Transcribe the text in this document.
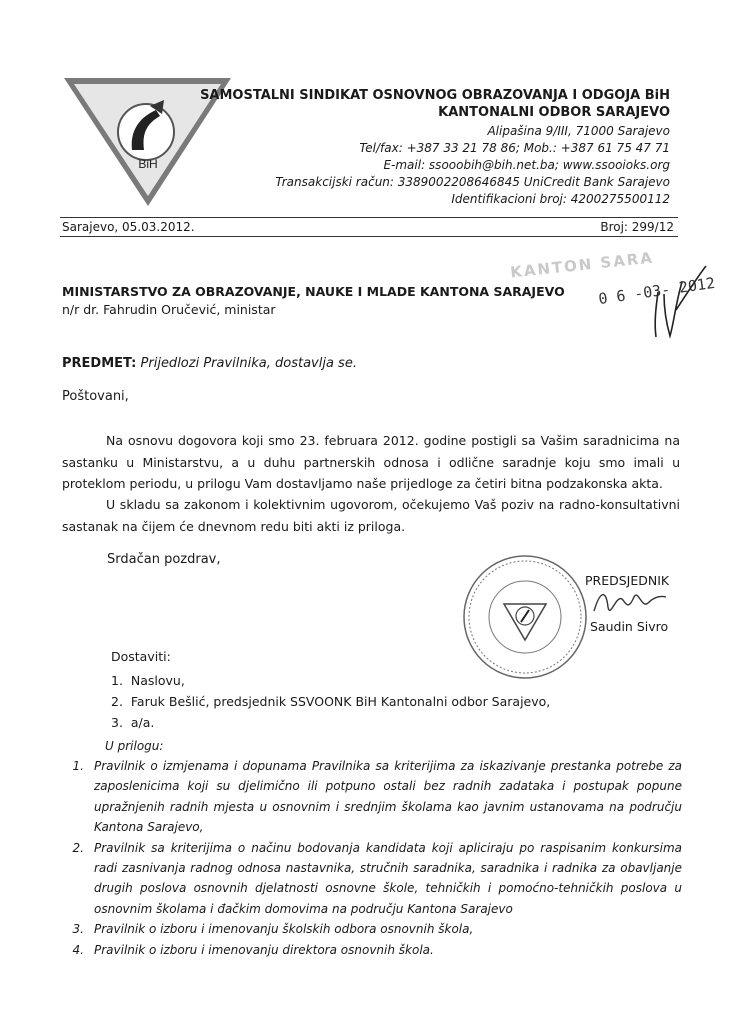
BiH
SAMOSTALNI SINDIKAT OSNOVNOG OBRAZOVANJA I ODGOJA BiH
KANTONALNI ODBOR SARAJEVO
Alipašina 9/III, 71000 Sarajevo
Tel/fax: +387 33 21 78 86; Mob.: +387 61 75 47 71
E-mail: ssooobih@bih.net.ba; www.ssooioks.org
Transakcijski račun: 3389002208646845 UniCredit Bank Sarajevo
Identifikacioni broj: 4200275500112
Sarajevo, 05.03.2012.	Broj: 299/12
KANTON SARA
0 6 -03- 2012
MINISTARSTVO ZA OBRAZOVANJE, NAUKE I MLADE KANTONA SARAJEVO
n/r dr. Fahrudin Oručević, ministar
PREDMET: Prijedlozi Pravilnika, dostavlja se.
Poštovani,
Na osnovu dogovora koji smo 23. februara 2012. godine postigli sa Vašim saradnicima na sastanku u Ministarstvu, a u duhu partnerskih odnosa i odlične saradnje koju smo imali u proteklom periodu, u prilogu Vam dostavljamo naše prijedloge za četiri bitna podzakonska akta.
U skladu sa zakonom i kolektivnim ugovorom, očekujemo Vaš poziv na radno-konsultativni sastanak na čijem će dnevnom redu biti akti iz priloga.
Srdačan pozdrav,
PREDSJEDNIK
Saudin Sivro
Dostaviti:
1. Naslovu,
2. Faruk Bešlić, predsjednik SSVOONK BiH Kantonalni odbor Sarajevo,
3. a/a.
U prilogu:
1. Pravilnik o izmjenama i dopunama Pravilnika sa kriterijima za iskazivanje prestanka potrebe za zaposlenicima koji su djelimično ili potpuno ostali bez radnih zadataka i postupak popune upražnjenih radnih mjesta u osnovnim i srednjim školama kao javnim ustanovama na području Kantona Sarajevo,
2. Pravilnik sa kriterijima o načinu bodovanja kandidata koji apliciraju po raspisanim konkursima radi zasnivanja radnog odnosa nastavnika, stručnih saradnika, saradnika i radnika za obavljanje drugih poslova osnovnih djelatnosti osnovne škole, tehničkih i pomoćno-tehničkih poslova u osnovnim školama i đačkim domovima na području Kantona Sarajevo
3. Pravilnik o izboru i imenovanju školskih odbora osnovnih škola,
4. Pravilnik o izboru i imenovanju direktora osnovnih škola.
